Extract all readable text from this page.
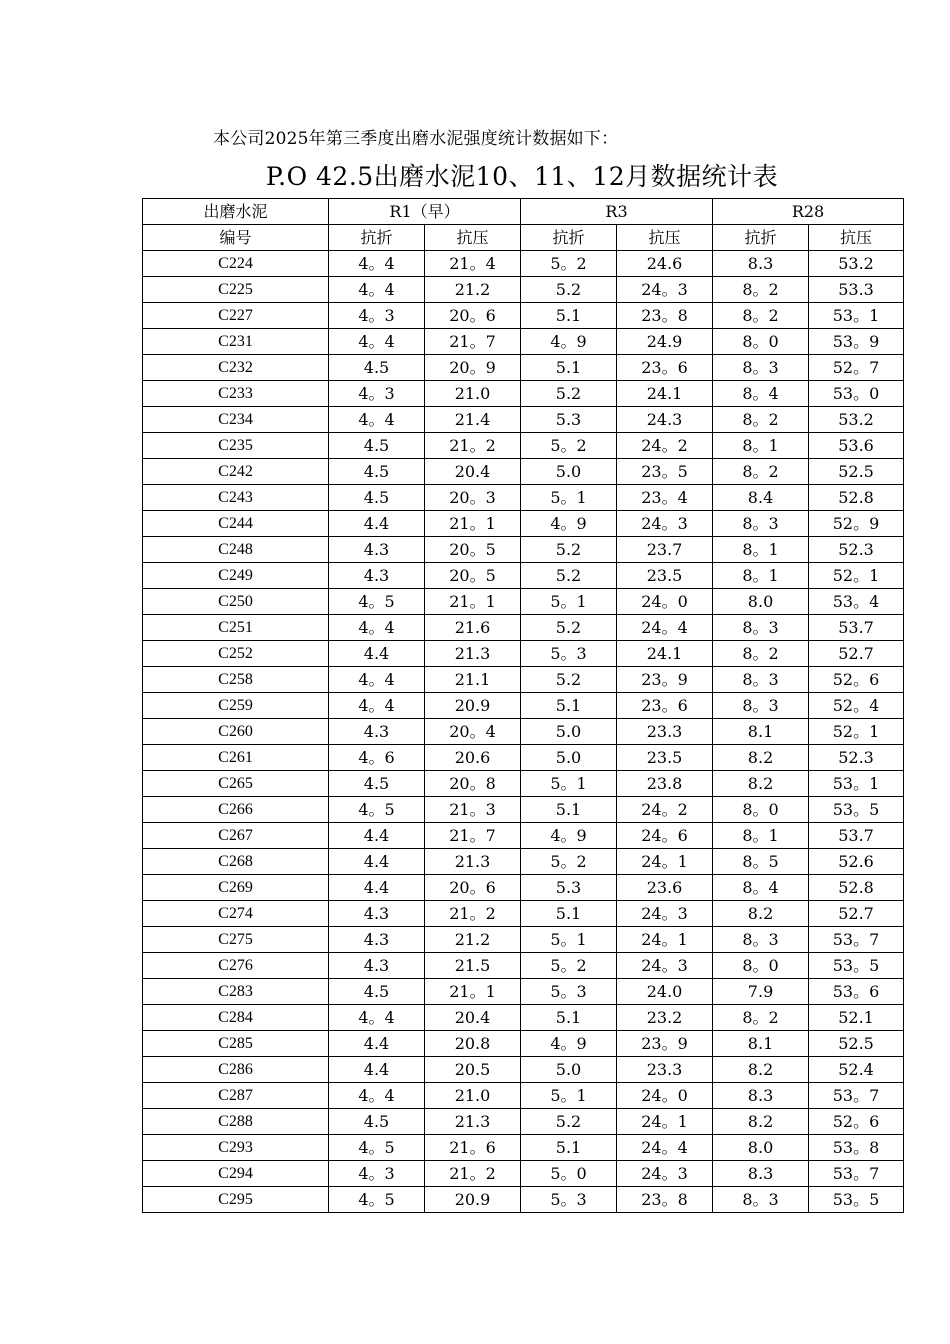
本公司2025年第三季度出磨水泥强度统计数据如下：
P.O 42.5出磨水泥10、11、12月数据统计表
出磨水泥	R1（早）		R3		R28	
编号	抗折	抗压	抗折	抗压	抗折	抗压
C224	4。4	21。4	5。2	24.6	8.3	53.2
C225	4。4	21.2	5.2	24。3	8。2	53.3
C227	4。3	20。6	5.1	23。8	8。2	53。1
C231	4。4	21。7	4。9	24.9	8。0	53。9
C232	4.5	20。9	5.1	23。6	8。3	52。7
C233	4。3	21.0	5.2	24.1	8。4	53。0
C234	4。4	21.4	5.3	24.3	8。2	53.2
C235	4.5	21。2	5。2	24。2	8。1	53.6
C242	4.5	20.4	5.0	23。5	8。2	52.5
C243	4.5	20。3	5。1	23。4	8.4	52.8
C244	4.4	21。1	4。9	24。3	8。3	52。9
C248	4.3	20。5	5.2	23.7	8。1	52.3
C249	4.3	20。5	5.2	23.5	8。1	52。1
C250	4。5	21。1	5。1	24。0	8.0	53。4
C251	4。4	21.6	5.2	24。4	8。3	53.7
C252	4.4	21.3	5。3	24.1	8。2	52.7
C258	4。4	21.1	5.2	23。9	8。3	52。6
C259	4。4	20.9	5.1	23。6	8。3	52。4
C260	4.3	20。4	5.0	23.3	8.1	52。1
C261	4。6	20.6	5.0	23.5	8.2	52.3
C265	4.5	20。8	5。1	23.8	8.2	53。1
C266	4。5	21。3	5.1	24。2	8。0	53。5
C267	4.4	21。7	4。9	24。6	8。1	53.7
C268	4.4	21.3	5。2	24。1	8。5	52.6
C269	4.4	20。6	5.3	23.6	8。4	52.8
C274	4.3	21。2	5.1	24。3	8.2	52.7
C275	4.3	21.2	5。1	24。1	8。3	53。7
C276	4.3	21.5	5。2	24。3	8。0	53。5
C283	4.5	21。1	5。3	24.0	7.9	53。6
C284	4。4	20.4	5.1	23.2	8。2	52.1
C285	4.4	20.8	4。9	23。9	8.1	52.5
C286	4.4	20.5	5.0	23.3	8.2	52.4
C287	4。4	21.0	5。1	24。0	8.3	53。7
C288	4.5	21.3	5.2	24。1	8.2	52。6
C293	4。5	21。6	5.1	24。4	8.0	53。8
C294	4。3	21。2	5。0	24。3	8.3	53。7
C295	4。5	20.9	5。3	23。8	8。3	53。5
